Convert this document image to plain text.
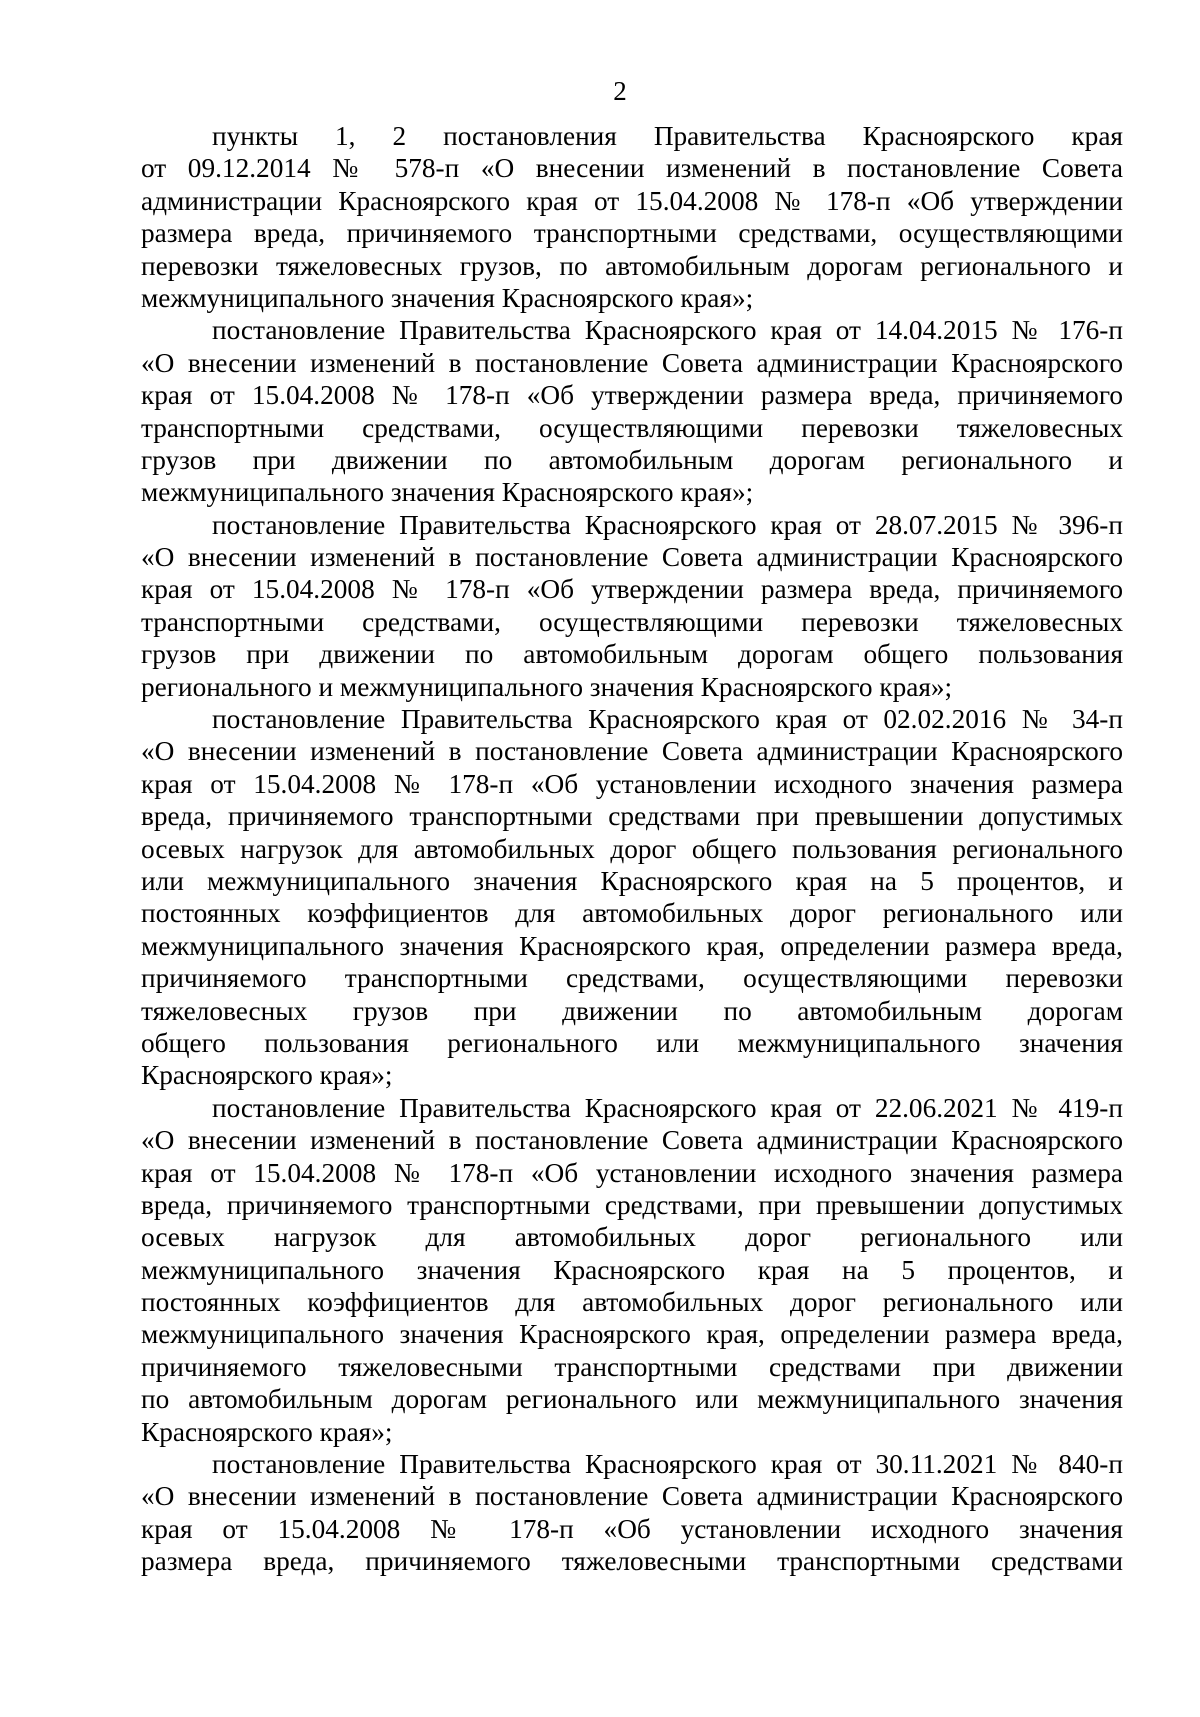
2
пункты 1, 2 постановления Правительства Красноярского края
от 09.12.2014 № 578-п «О внесении изменений в постановление Совета
администрации Красноярского края от 15.04.2008 № 178-п «Об утверждении
размера вреда, причиняемого транспортными средствами, осуществляющими
перевозки тяжеловесных грузов, по автомобильным дорогам регионального и
межмуниципального значения Красноярского края»;
постановление Правительства Красноярского края от 14.04.2015 № 176-п
«О внесении изменений в постановление Совета администрации Красноярского
края от 15.04.2008 № 178-п «Об утверждении размера вреда, причиняемого
транспортными средствами, осуществляющими перевозки тяжеловесных
грузов при движении по автомобильным дорогам регионального и
межмуниципального значения Красноярского края»;
постановление Правительства Красноярского края от 28.07.2015 № 396-п
«О внесении изменений в постановление Совета администрации Красноярского
края от 15.04.2008 № 178-п «Об утверждении размера вреда, причиняемого
транспортными средствами, осуществляющими перевозки тяжеловесных
грузов при движении по автомобильным дорогам общего пользования
регионального и межмуниципального значения Красноярского края»;
постановление Правительства Красноярского края от 02.02.2016 № 34-п
«О внесении изменений в постановление Совета администрации Красноярского
края от 15.04.2008 № 178-п «Об установлении исходного значения размера
вреда, причиняемого транспортными средствами при превышении допустимых
осевых нагрузок для автомобильных дорог общего пользования регионального
или межмуниципального значения Красноярского края на 5 процентов, и
постоянных коэффициентов для автомобильных дорог регионального или
межмуниципального значения Красноярского края, определении размера вреда,
причиняемого транспортными средствами, осуществляющими перевозки
тяжеловесных грузов при движении по автомобильным дорогам
общего пользования регионального или межмуниципального значения
Красноярского края»;
постановление Правительства Красноярского края от 22.06.2021 № 419-п
«О внесении изменений в постановление Совета администрации Красноярского
края от 15.04.2008 № 178-п «Об установлении исходного значения размера
вреда, причиняемого транспортными средствами, при превышении допустимых
осевых нагрузок для автомобильных дорог регионального или
межмуниципального значения Красноярского края на 5 процентов, и
постоянных коэффициентов для автомобильных дорог регионального или
межмуниципального значения Красноярского края, определении размера вреда,
причиняемого тяжеловесными транспортными средствами при движении
по автомобильным дорогам регионального или межмуниципального значения
Красноярского края»;
постановление Правительства Красноярского края от 30.11.2021 № 840-п
«О внесении изменений в постановление Совета администрации Красноярского
края от 15.04.2008 № 178-п «Об установлении исходного значения
размера вреда, причиняемого тяжеловесными транспортными средствами
